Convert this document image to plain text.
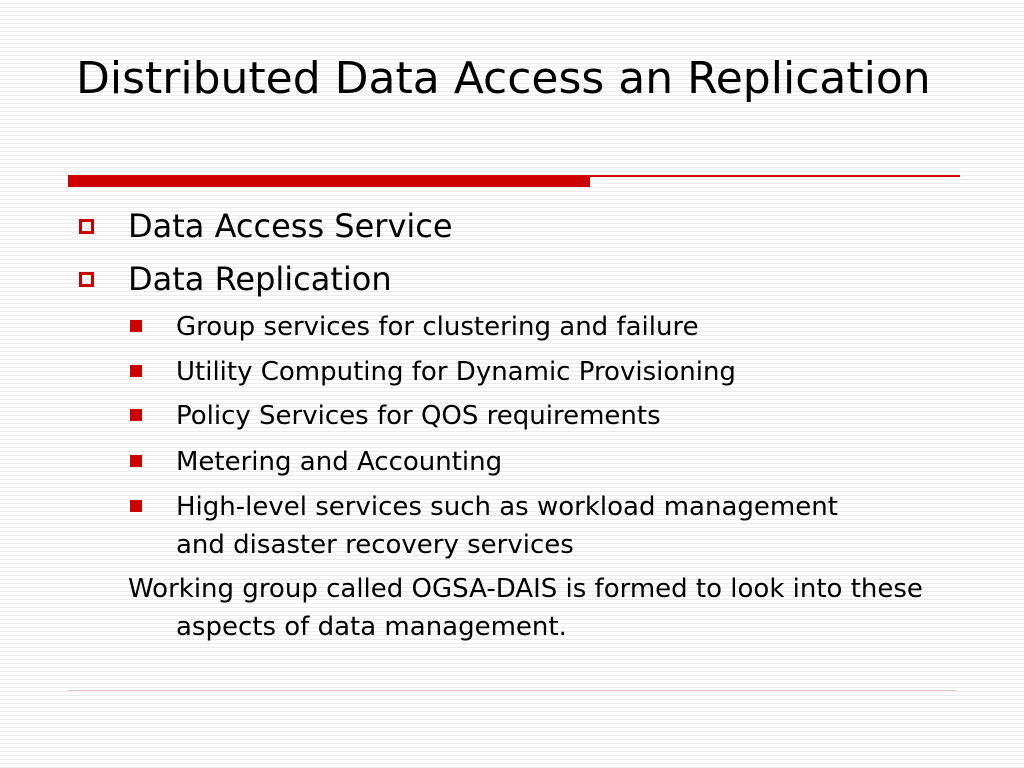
Distributed Data Access an Replication
Data Access Service
Data Replication
Group services for clustering and failure
Utility Computing for Dynamic Provisioning
Policy Services for QOS requirements
Metering and Accounting
High-level services such as workload management and disaster recovery services
Working group called OGSA-DAIS is formed to look into these aspects of data management.
